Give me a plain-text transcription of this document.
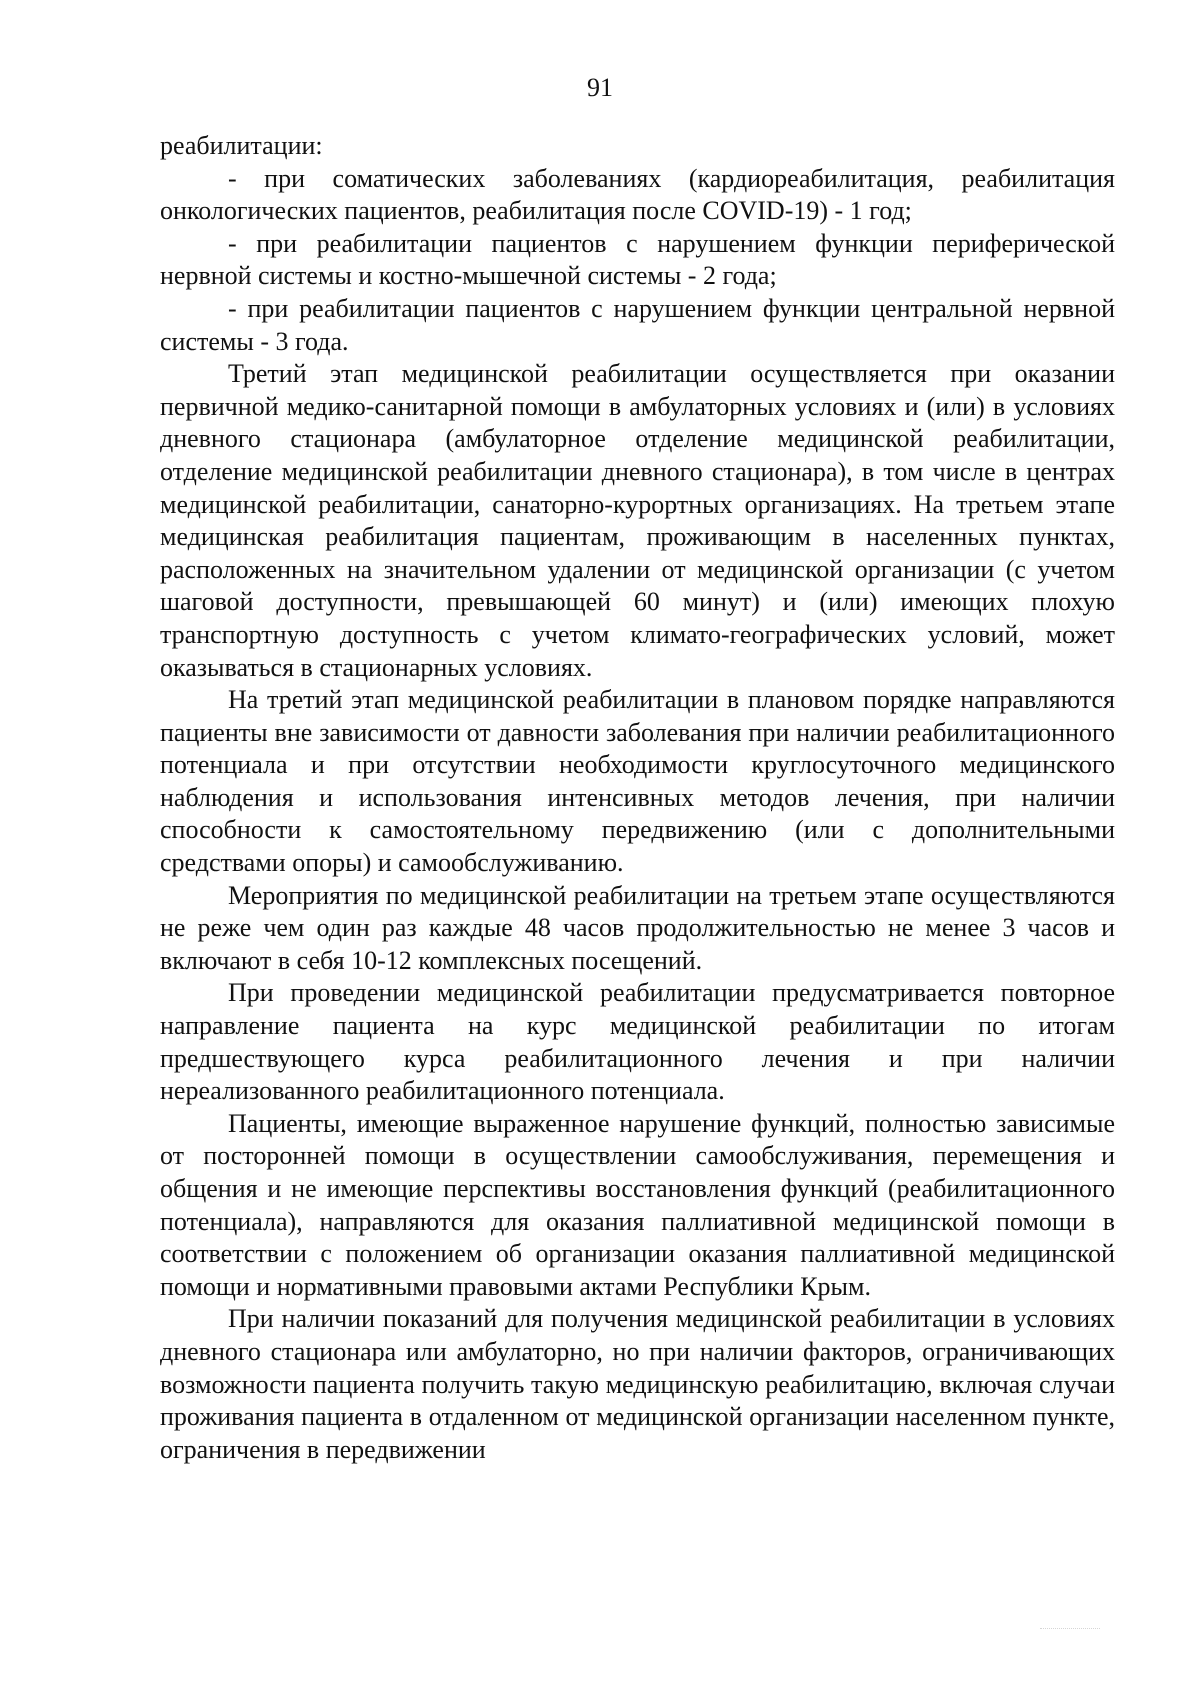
91

реабилитации:

- при соматических заболеваниях (кардиореабилитация, реабилитация онкологических пациентов, реабилитация после COVID-19) - 1 год;

- при реабилитации пациентов с нарушением функции периферической нервной системы и костно-мышечной системы - 2 года;

- при реабилитации пациентов с нарушением функции центральной нервной системы - 3 года.

Третий этап медицинской реабилитации осуществляется при оказании первичной медико-санитарной помощи в амбулаторных условиях и (или) в условиях дневного стационара (амбулаторное отделение медицинской реабилитации, отделение медицинской реабилитации дневного стационара), в том числе в центрах медицинской реабилитации, санаторно-курортных организациях. На третьем этапе медицинская реабилитация пациентам, проживающим в населенных пунктах, расположенных на значительном удалении от медицинской организации (с учетом шаговой доступности, превышающей 60 минут) и (или) имеющих плохую транспортную доступность с учетом климато-географических условий, может оказываться в стационарных условиях.

На третий этап медицинской реабилитации в плановом порядке направляются пациенты вне зависимости от давности заболевания при наличии реабилитационного потенциала и при отсутствии необходимости круглосуточного медицинского наблюдения и использования интенсивных методов лечения, при наличии способности к самостоятельному передвижению (или с дополнительными средствами опоры) и самообслуживанию.

Мероприятия по медицинской реабилитации на третьем этапе осуществляются не реже чем один раз каждые 48 часов продолжительностью не менее 3 часов и включают в себя 10-12 комплексных посещений.

При проведении медицинской реабилитации предусматривается повторное направление пациента на курс медицинской реабилитации по итогам предшествующего курса реабилитационного лечения и при наличии нереализованного реабилитационного потенциала.

Пациенты, имеющие выраженное нарушение функций, полностью зависимые от посторонней помощи в осуществлении самообслуживания, перемещения и общения и не имеющие перспективы восстановления функций (реабилитационного потенциала), направляются для оказания паллиативной медицинской помощи в соответствии с положением об организации оказания паллиативной медицинской помощи и нормативными правовыми актами Республики Крым.

При наличии показаний для получения медицинской реабилитации в условиях дневного стационара или амбулаторно, но при наличии факторов, ограничивающих возможности пациента получить такую медицинскую реабилитацию, включая случаи проживания пациента в отдаленном от медицинской организации населенном пункте, ограничения в передвижении
